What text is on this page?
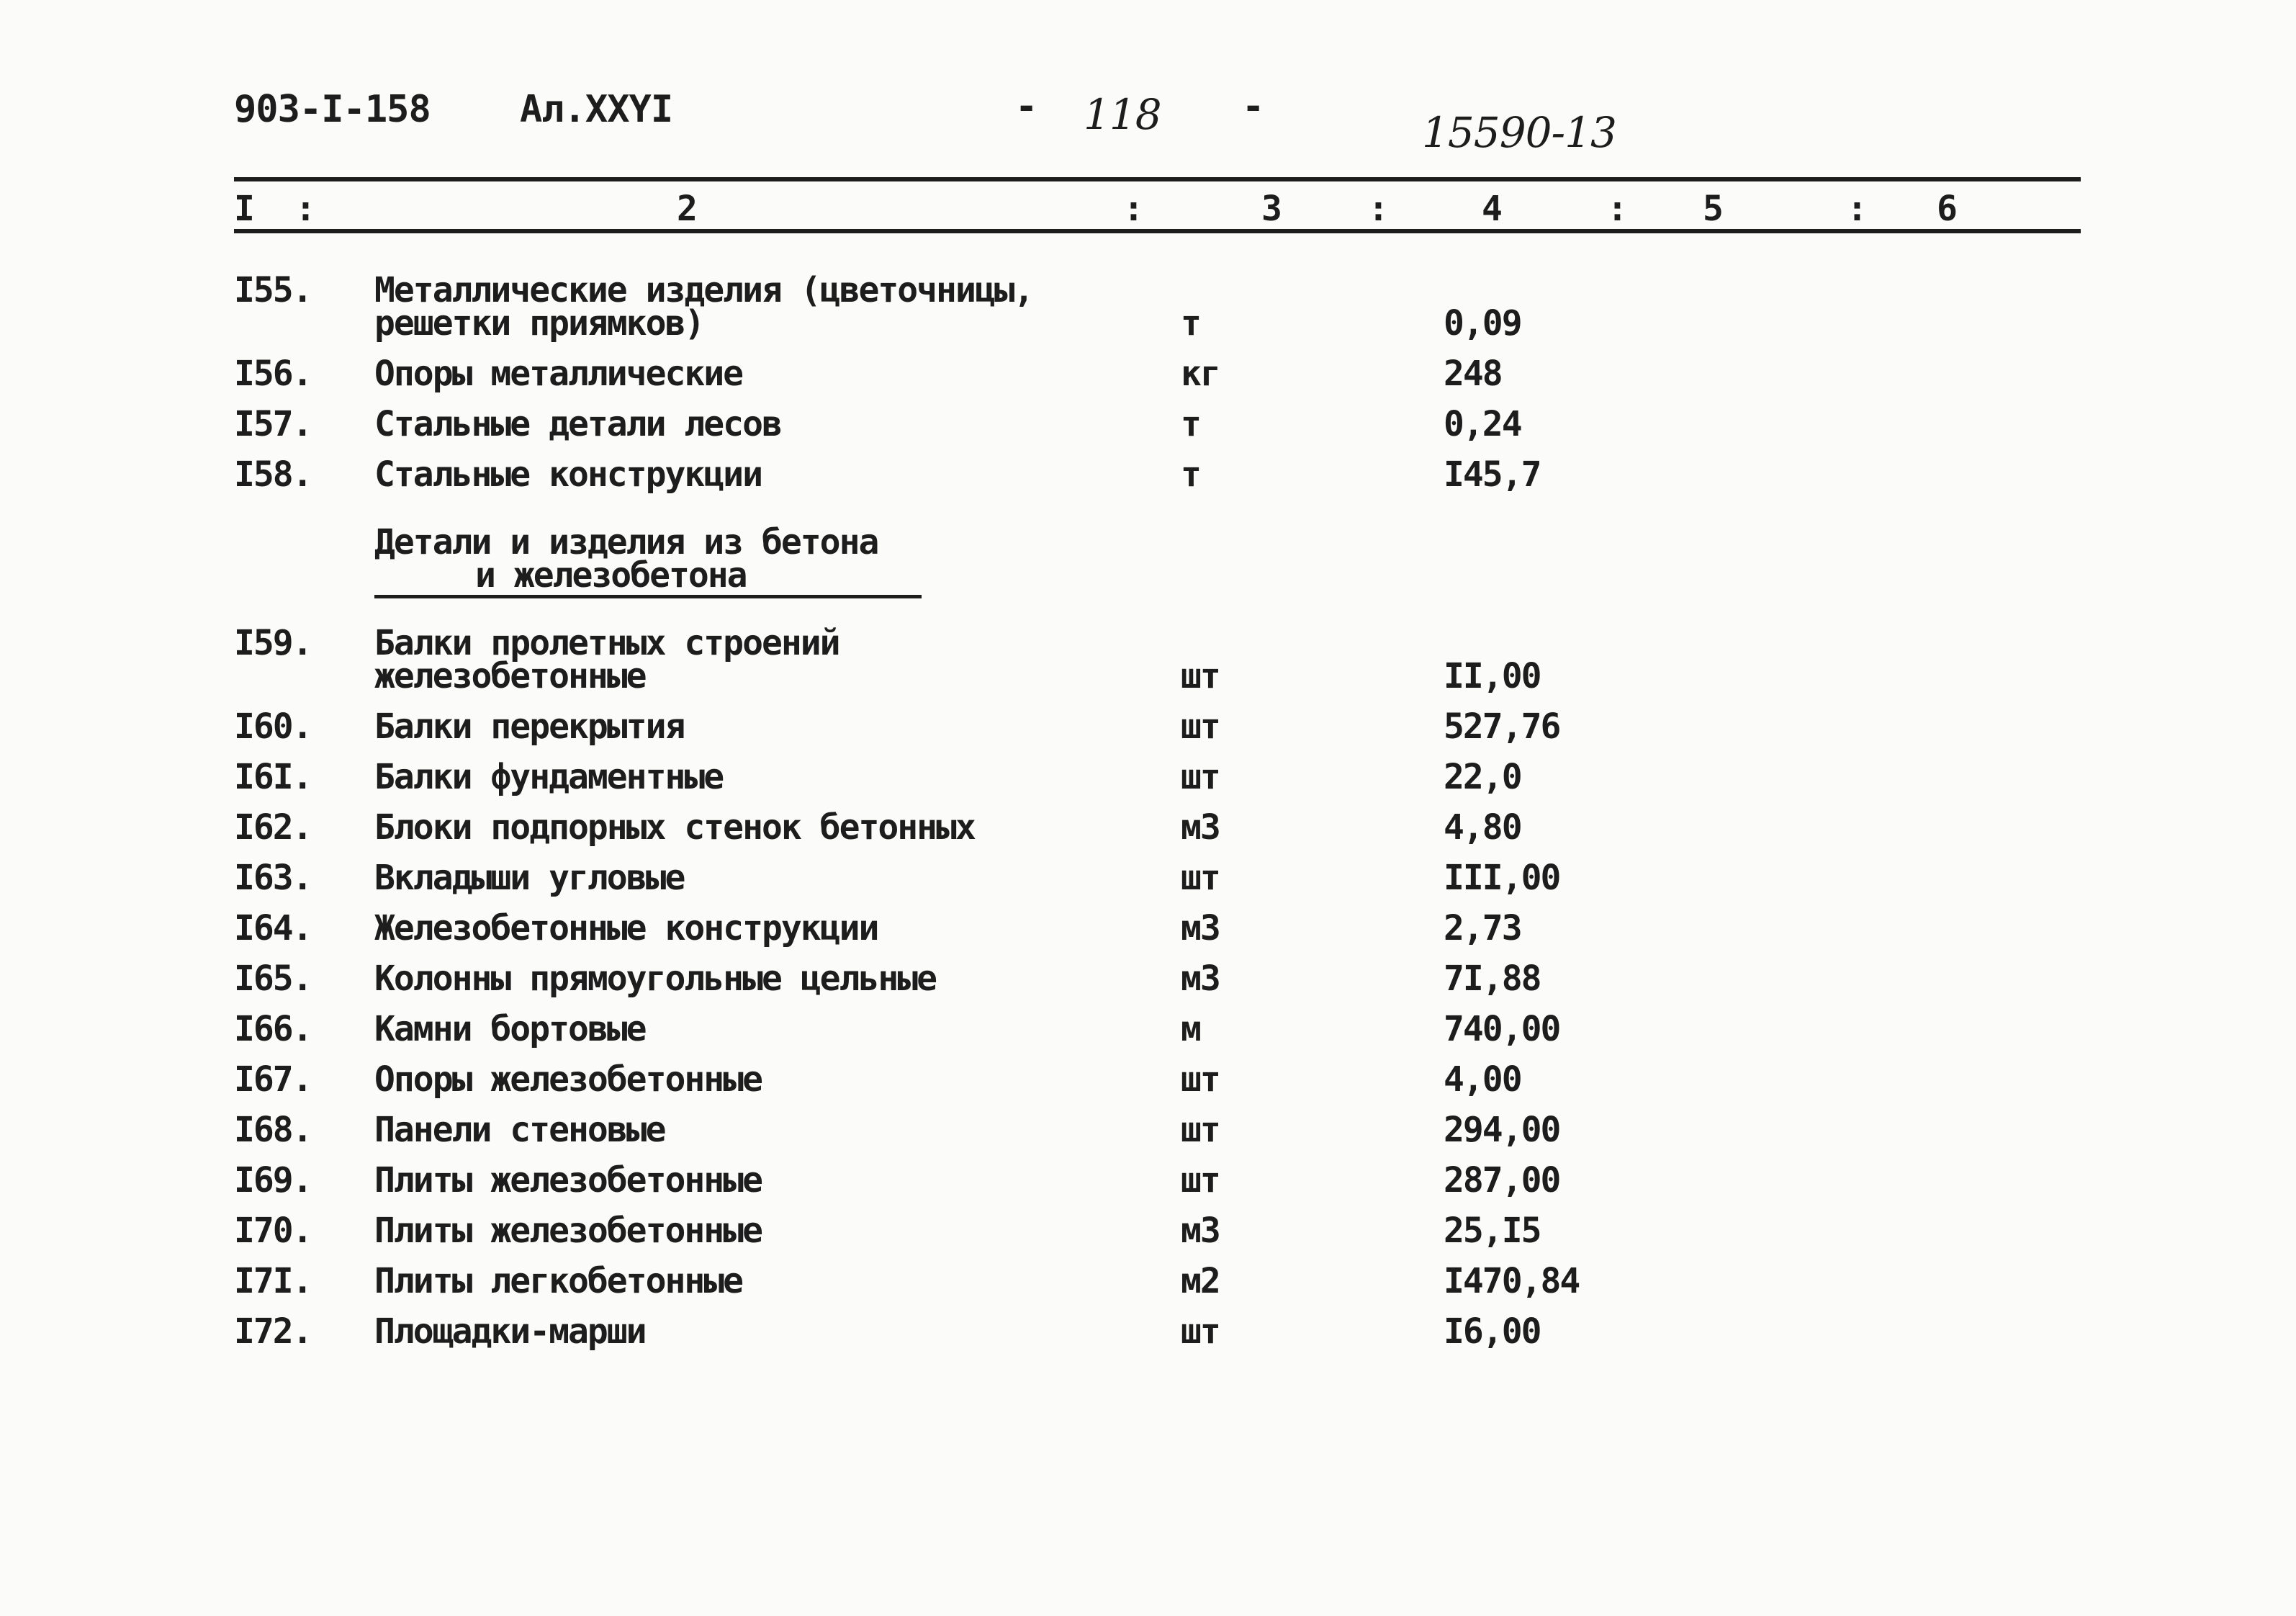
903-I-158 Ал.XXYI	- 118 -
15590-13
I :	2	:	3 :	4	: 5	: 6
I55. Металлические изделия (цветочницы,
решетки приямков)	т	0,09
I56. Опоры металлические	кг	248
I57. Стальные детали лесов	т	0,24
I58. Стальные конструкции	т	I45,7
Детали и изделия из бетона
и железобетона
I59. Балки пролетных строений
железобетонные	шт	II,00
I60. Балки перекрытия	шт	527,76
I6I. Балки фундаментные	шт	22,0
I62. Блоки подпорных стенок бетонных	м3	4,80
I63. Вкладыши угловые	шт	III,00
I64. Железобетонные конструкции	м3	2,73
I65. Колонны прямоугольные цельные	м3	7I,88
I66. Камни бортовые	м	740,00
I67. Опоры железобетонные	шт	4,00
I68. Панели стеновые	шт	294,00
I69. Плиты железобетонные	шт	287,00
I70. Плиты железобетонные	м3	25,I5
I7I. Плиты легкобетонные	м2	I470,84
I72. Площадки-марши	шт	I6,00
